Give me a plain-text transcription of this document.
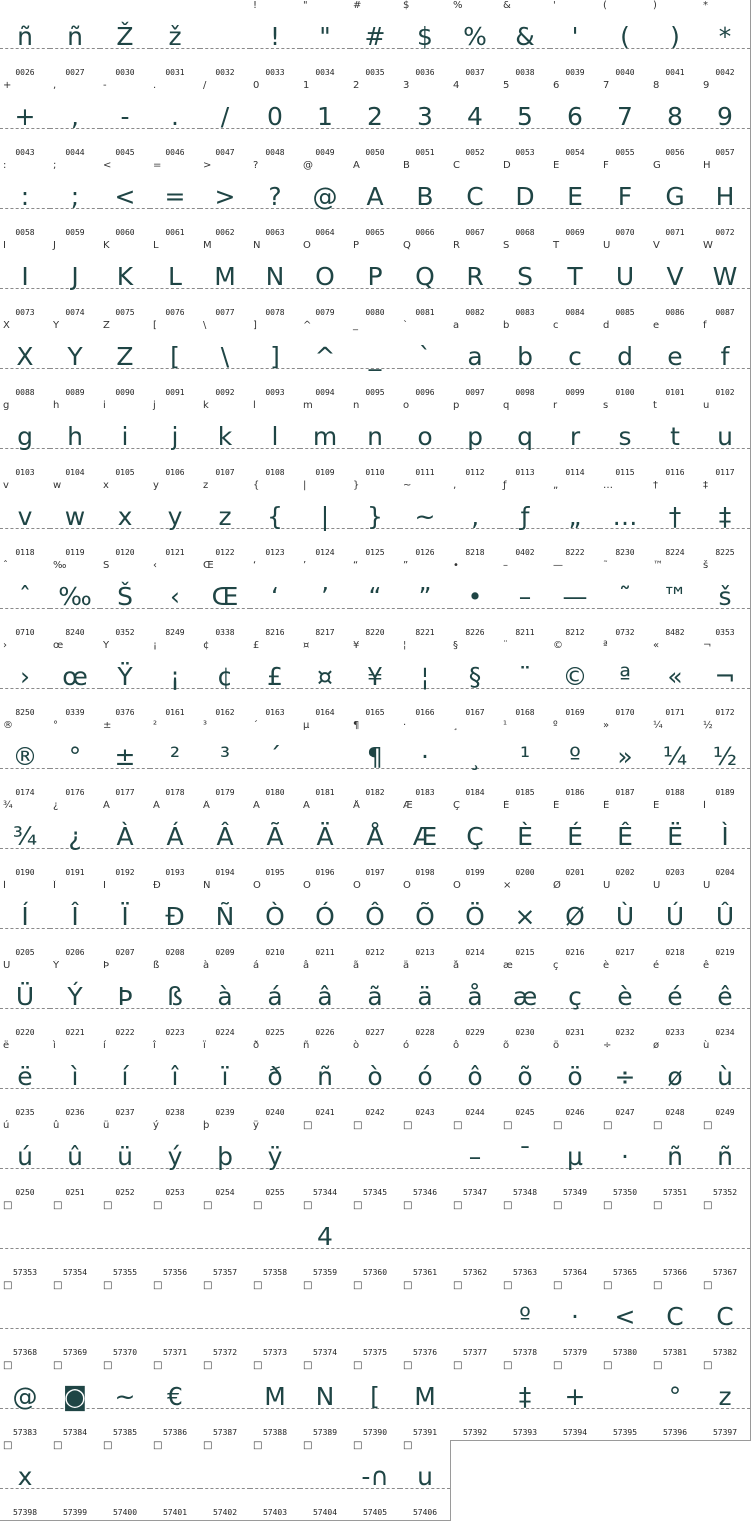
ñ
0026
ñ
0027
Ž
0030
ž
0031	0032
!
!
0033
"
"
0034
#
#
0035
$
$
0036
%
%
0037
&
&
0038
'
'
0039
(
(
0040
)
)
0041
*
*
0042
+
+
0043
,
,
0044
-
-
0045
.
.
0046
/
/
0047
0
0
0048
1
1
0049
2
2
0050
3
3
0051
4
4
0052
5
5
0053
6
6
0054
7
7
0055
8
8
0056
9
9
0057
:
:
0058
;
;
0059
<
<
0060
=
=
0061
>
>
0062
?
?
0063
@
@
0064
A
A
0065
B
B
0066
C
C
0067
D
D
0068
E
E
0069
F
F
0070
G
G
0071
H
H
0072
I
I
0073
J
J
0074
K
K
0075
L
L
0076
M
M
0077
N
N
0078
O
O
0079
P
P
0080
Q
Q
0081
R
R
0082
S
S
0083
T
T
0084
U
U
0085
V
V
0086
W
W
0087
X
X
0088
Y
Y
0089
Z
Z
0090
[
[
0091
\
\
0092
]
]
0093
^
^
0094
_
_
0095
`
`
0096
a
a
0097
b
b
0098
c
c
0099
d
d
0100
e
e
0101
f
f
0102
g
g
0103
h
h
0104
i
i
0105
j
j
0106
k
k
0107
l
l
0108
m
m
0109
n
n
0110
o
o
0111
p
p
0112
q
q
0113
r
r
0114
s
s
0115
t
t
0116
u
u
0117
v
v
0118
w
w
0119
x
x
0120
y
y
0121
z
z
0122
{
{
0123
|
|
0124
}
}
0125
~
~
0126
‚
‚
8218
ƒ
ƒ
0402
„
„
8222
…
…
8230
†
†
8224
‡
‡
8225
ˆ
ˆ
0710
‰
‰
8240
Š
Š
0352
‹
‹
8249
Œ
Œ
0338
‘
‘
8216
’
’
8217
“
“
8220
”
”
8221
•
•
8226
–
–
8211
—
—
8212
˜
˜
0732
™
™
8482
š
š
0353
›
›
8250
œ
œ
0339
Ÿ
Ÿ
0376
¡
¡
0161
¢
¢
0162
£
£
0163
¤
¤
0164
¥
¥
0165
¦
¦
0166
§
§
0167
¨
¨
0168
©
©
0169
ª
ª
0170
«
«
0171
¬
¬
0172
®
®
0174
°
°
0176
±
±
0177
²
²
0178
³
³
0179
´
´
0180
µ
0181
¶
¶
0182
·
·
0183
¸
¸
0184
¹
¹
0185
º
º
0186
»
»
0187
¼
¼
0188
½
½
0189
¾
¾
0190
¿
¿
0191
À
À
0192
Á
Á
0193
Â
Â
0194
Ã
Ã
0195
Ä
Ä
0196
Å
Å
0197
Æ
Æ
0198
Ç
Ç
0199
È
È
0200
É
É
0201
Ê
Ê
0202
Ë
Ë
0203
Ì
Ì
0204
Í
Í
0205
Î
Î
0206
Ï
Ï
0207
Ð
Ð
0208
Ñ
Ñ
0209
Ò
Ò
0210
Ó
Ó
0211
Ô
Ô
0212
Õ
Õ
0213
Ö
Ö
0214
×
×
0215
Ø
Ø
0216
Ù
Ù
0217
Ú
Ú
0218
Û
Û
0219
Ü
Ü
0220
Ý
Ý
0221
Þ
Þ
0222
ß
ß
0223
à
à
0224
á
á
0225
â
â
0226
ã
ã
0227
ä
ä
0228
å
å
0229
æ
æ
0230
ç
ç
0231
è
è
0232
é
é
0233
ê
ê
0234
ë
ë
0235
ì
ì
0236
í
í
0237
î
î
0238
ï
ï
0239
ð
ð
0240
ñ
ñ
0241
ò
ò
0242
ó
ó
0243
ô
ô
0244
õ
õ
0245
ö
ö
0246
÷
÷
0247
ø
ø
0248
ù
ù
0249
ú
ú
0250
û
û
0251
ü
ü
0252
ý
ý
0253
þ
þ
0254
ÿ
ÿ
0255
□
57344
□
57345
□
57346
□
–
57347
□
ˉ
57348
□
µ
57349
□
·
57350
□
ñ
57351
□
ñ
57352
□
57353
□
57354
□
57355
□
57356
□
57357
□
57358
□
4
57359
□
57360
□
57361
□
57362
□
57363
□
57364
□
57365
□
57366
□
57367
□
57368
□
57369
□
57370
□
57371
□
57372
□
57373
□
57374
□
57375
□
57376
□
57377
□
º
57378
□
·
57379
□
<
57380
□
C
57381
□
C
57382
□
@
57383
□
◙
57384
□
~
57385
□
€
57386
□
57387
□
M
57388
□
N
57389
□
[
57390
□
M
57391
□
57392
□
‡
57393
□
+
57394
□
57395
□
°
57396
□
z
57397
□
x
57398
□
57399
□
57400
□
57401
□
57402
□
57403
□
57404
□
-∩
57405
□
u
57406
